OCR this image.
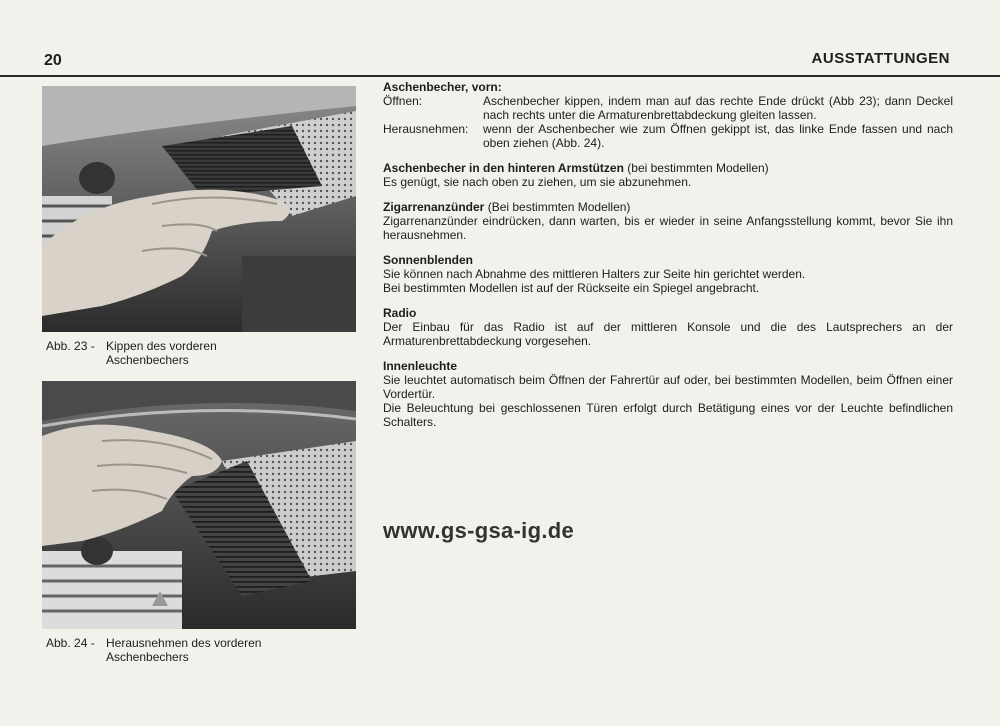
20	AUSSTATTUNGEN
Abb. 23 - Kippen des vorderen
Aschenbechers
Abb. 24 - Herausnehmen des vorderen
Aschenbechers
Aschenbecher, vorn:
Öffnen:	Aschenbecher kippen, indem man auf das rechte Ende drückt (Abb 23); dann Deckel nach rechts unter die Armaturenbrettabdeckung gleiten lassen.
Herausnehmen:	wenn der Aschenbecher wie zum Öffnen gekippt ist, das linke Ende fassen und nach oben ziehen (Abb. 24).
Aschenbecher in den hinteren Armstützen (bei bestimmten Modellen)
Es genügt, sie nach oben zu ziehen, um sie abzunehmen.
Zigarrenanzünder (Bei bestimmten Modellen)
Zigarrenanzünder eindrücken, dann warten, bis er wieder in seine Anfangsstellung kommt, bevor Sie ihn herausnehmen.
Sonnenblenden
Sie können nach Abnahme des mittleren Halters zur Seite hin gerichtet werden.
Bei bestimmten Modellen ist auf der Rückseite ein Spiegel angebracht.
Radio
Der Einbau für das Radio ist auf der mittleren Konsole und die des Lautsprechers an der Armaturenbrettabdeckung vorgesehen.
Innenleuchte
Sie leuchtet automatisch beim Öffnen der Fahrertür auf oder, bei bestimmten Modellen, beim Öffnen einer Vordertür.
Die Beleuchtung bei geschlossenen Türen erfolgt durch Betätigung eines vor der Leuchte befindlichen Schalters.
www.gs-gsa-ig.de
